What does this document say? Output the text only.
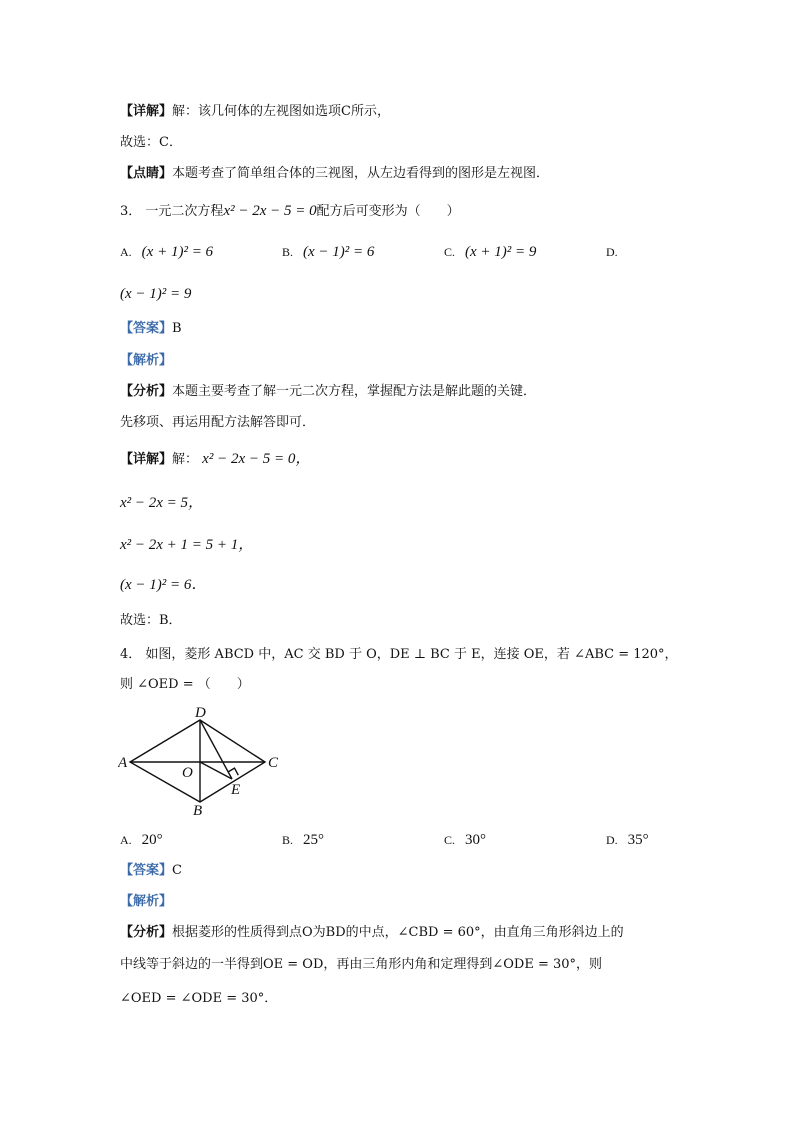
【详解】解：该几何体的左视图如选项C所示，
故选：C．
【点睛】本题考查了简单组合体的三视图，从左边看得到的图形是左视图．
3． 一元二次方程x² − 2x − 5 = 0配方后可变形为（　　）
A. (x + 1)² = 6	B. (x − 1)² = 6	C. (x + 1)² = 9	D.
(x − 1)² = 9
【答案】B
【解析】
【分析】本题主要考查了解一元二次方程，掌握配方法是解此题的关键．
先移项、再运用配方法解答即可．
【详解】解： x² − 2x − 5 = 0，
x² − 2x = 5，
x² − 2x + 1 = 5 + 1，
(x − 1)² = 6．
故选：B．
4． 如图，菱形 ABCD 中，AC 交 BD 于 O，DE ⊥ BC 于 E，连接 OE，若 ∠ABC = 120°，
则 ∠OED = （　　）
A
D
C
O
E
B
A. 20°	B. 25°	C. 30°	D. 35°
【答案】C
【解析】
【分析】根据菱形的性质得到点O为BD的中点，∠CBD = 60°，由直角三角形斜边上的
中线等于斜边的一半得到OE = OD，再由三角形内角和定理得到∠ODE = 30°，则
∠OED = ∠ODE = 30°．
